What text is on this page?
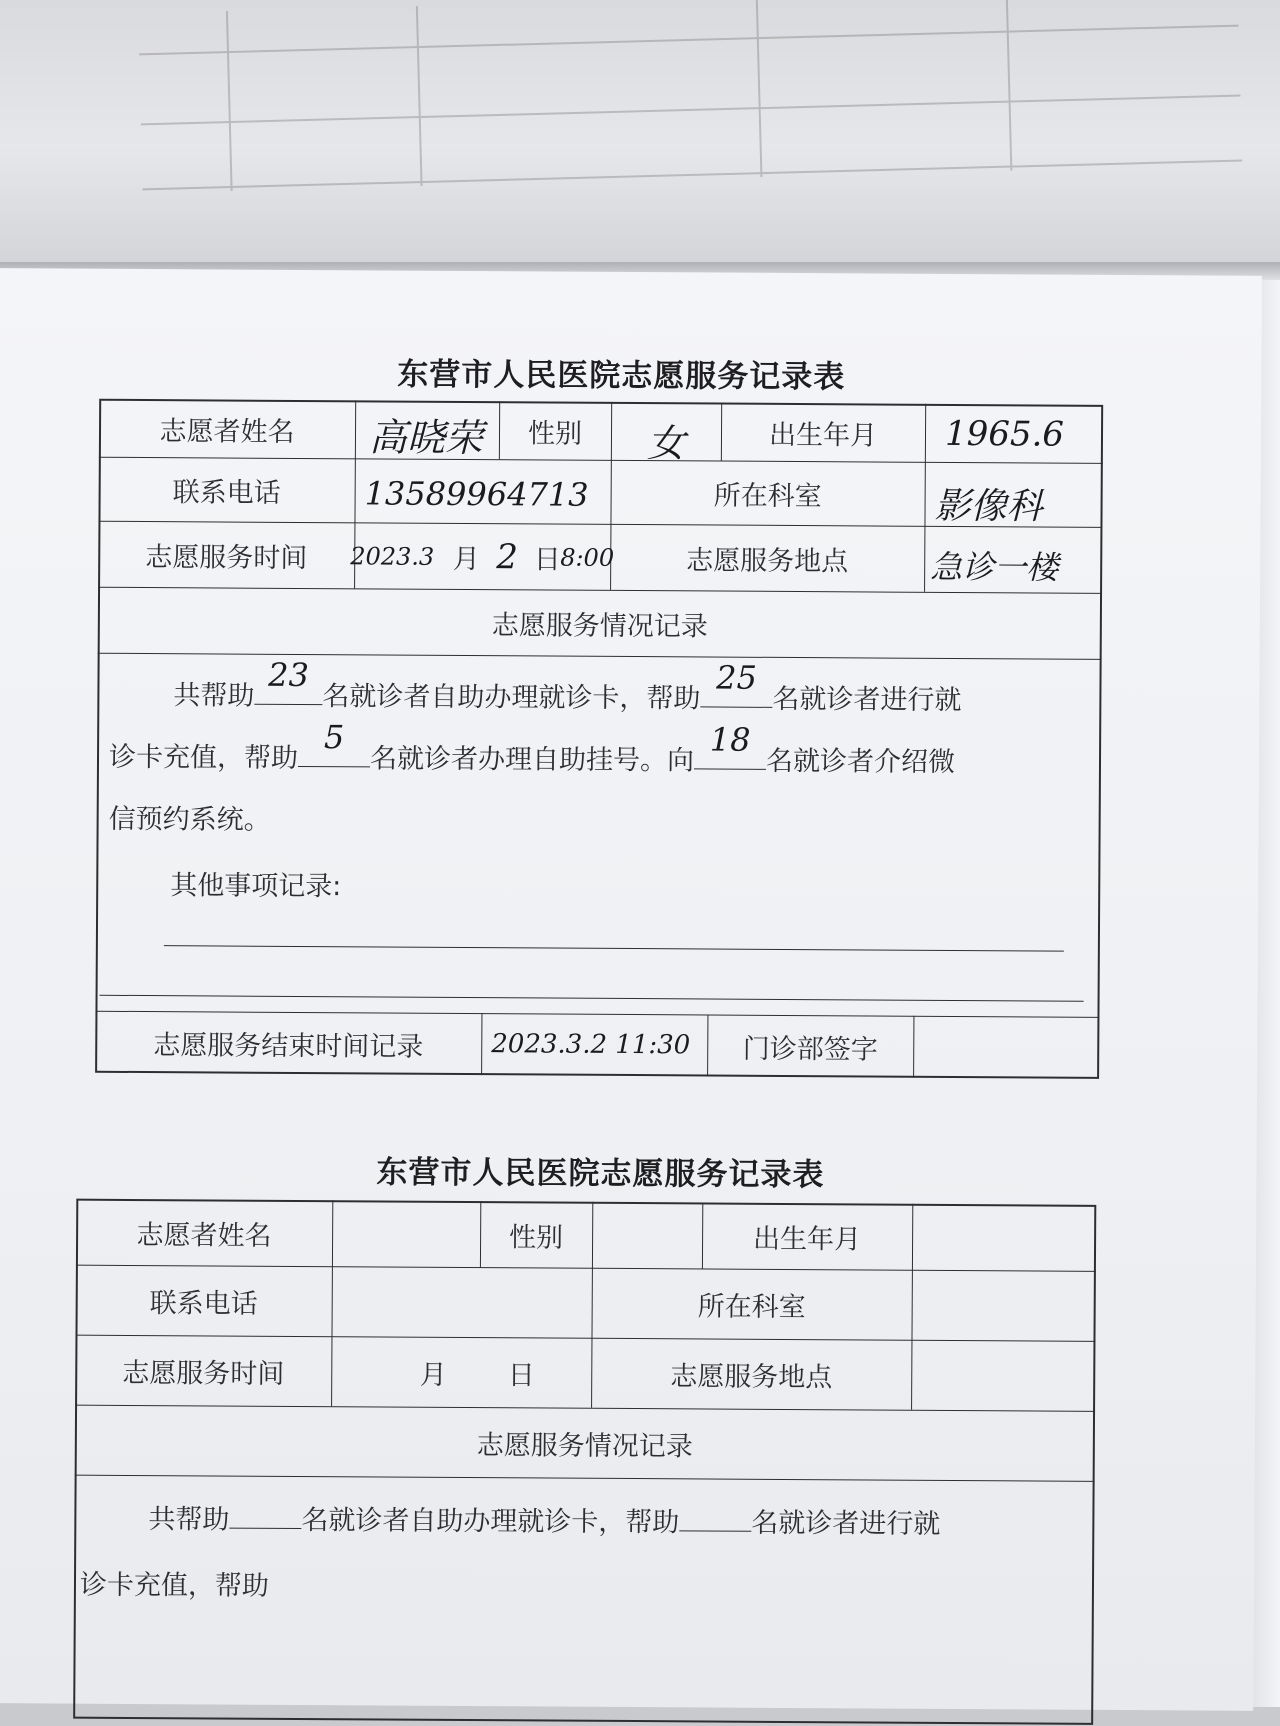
东营市人民医院志愿服务记录表
志愿者姓名	高晓荣	性别	女	出生年月	1965.6
联系电话	13589964713	所在科室	影像科
志愿服务时间	2023.3 月 2 日 8:00	志愿服务地点	急诊一楼
志愿服务情况记录
共帮助
23
名就诊者自助办理就诊卡，帮助
25
名就诊者进行就
诊卡充值，帮助
5
名就诊者办理自助挂号。向
18
名就诊者介绍微
信预约系统。
其他事项记录:
志愿服务结束时间记录	2023.3.2 11:30	门诊部签字
东营市人民医院志愿服务记录表
志愿者姓名	性别	出生年月
联系电话	所在科室
志愿服务时间	月 日	志愿服务地点
志愿服务情况记录
共帮助	名就诊者自助办理就诊卡，帮助	名就诊者进行就
诊卡充值，帮助
